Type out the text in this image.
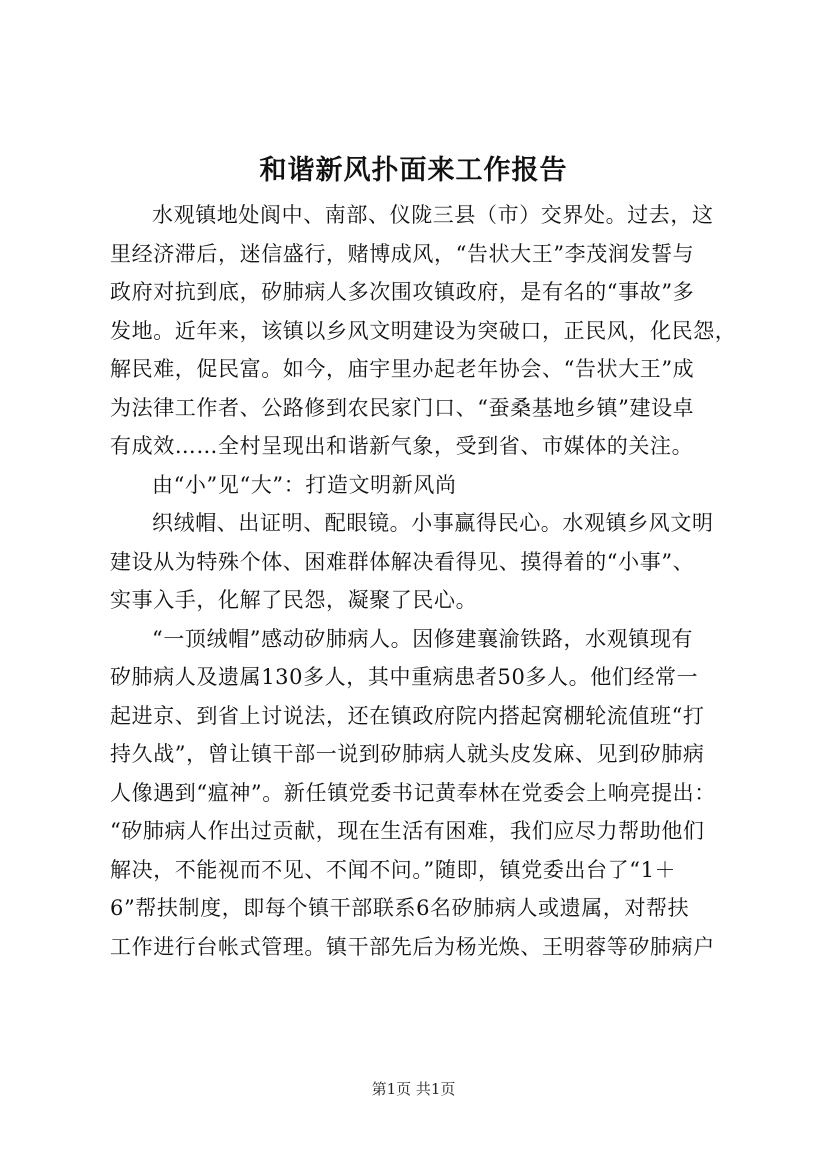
和谐新风扑面来工作报告
水观镇地处阆中、南部、仪陇三县（市）交界处。过去，这
里经济滞后，迷信盛行，赌博成风，“告状大王”李茂润发誓与
政府对抗到底，矽肺病人多次围攻镇政府，是有名的“事故”多
发地。近年来，该镇以乡风文明建设为突破口，正民风，化民怨，
解民难，促民富。如今，庙宇里办起老年协会、“告状大王”成
为法律工作者、公路修到农民家门口、“蚕桑基地乡镇”建设卓
有成效……全村呈现出和谐新气象，受到省、市媒体的关注。
由“小”见“大”：打造文明新风尚
织绒帽、出证明、配眼镜。小事赢得民心。水观镇乡风文明
建设从为特殊个体、困难群体解决看得见、摸得着的“小事”、
实事入手，化解了民怨，凝聚了民心。
“一顶绒帽”感动矽肺病人。因修建襄渝铁路，水观镇现有
矽肺病人及遗属130多人，其中重病患者50多人。他们经常一
起进京、到省上讨说法，还在镇政府院内搭起窝棚轮流值班“打
持久战”，曾让镇干部一说到矽肺病人就头皮发麻、见到矽肺病
人像遇到“瘟神”。新任镇党委书记黄奉林在党委会上响亮提出：
“矽肺病人作出过贡献，现在生活有困难，我们应尽力帮助他们
解决，不能视而不见、不闻不问。”随即，镇党委出台了“1＋
6”帮扶制度，即每个镇干部联系6名矽肺病人或遗属，对帮扶
工作进行台帐式管理。镇干部先后为杨光焕、王明蓉等矽肺病户
第1页 共1页
